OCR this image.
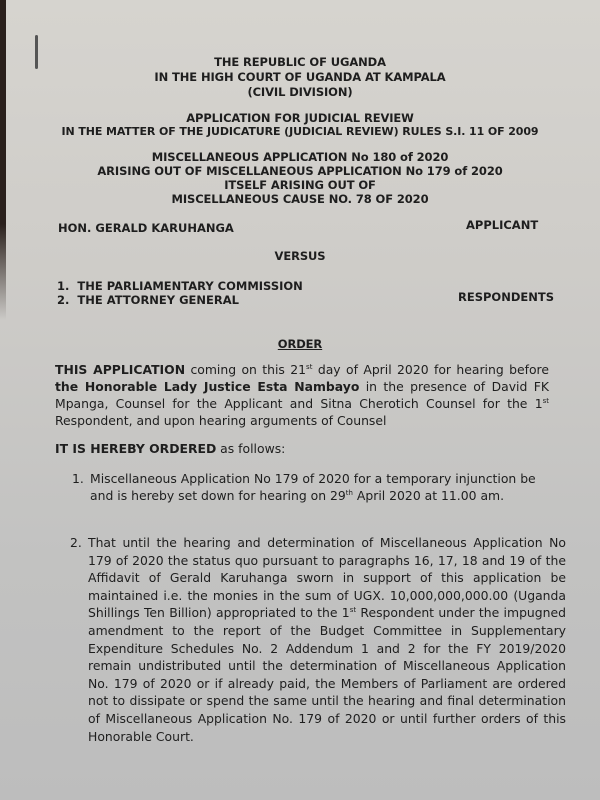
THE REPUBLIC OF UGANDA
IN THE HIGH COURT OF UGANDA AT KAMPALA
(CIVIL DIVISION)
APPLICATION FOR JUDICIAL REVIEW
IN THE MATTER OF THE JUDICATURE (JUDICIAL REVIEW) RULES S.I. 11 OF 2009
MISCELLANEOUS APPLICATION No 180 of 2020
ARISING OUT OF MISCELLANEOUS APPLICATION No 179 of 2020
ITSELF ARISING OUT OF
MISCELLANEOUS CAUSE NO. 78 OF 2020
HON. GERALD KARUHANGA	APPLICANT
VERSUS
1.  THE PARLIAMENTARY COMMISSION
2.  THE ATTORNEY GENERAL	RESPONDENTS
ORDER
THIS APPLICATION coming on this 21st day of April 2020 for hearing before the Honorable Lady Justice Esta Nambayo in the presence of David FK Mpanga, Counsel for the Applicant and Sitna Cherotich Counsel for the 1st Respondent, and upon hearing arguments of Counsel
IT IS HEREBY ORDERED as follows:
1. Miscellaneous Application No 179 of 2020 for a temporary injunction be and is hereby set down for hearing on 29th April 2020 at 11.00 am.
2. That until the hearing and determination of Miscellaneous Application No 179 of 2020 the status quo pursuant to paragraphs 16, 17, 18 and 19 of the Affidavit of Gerald Karuhanga sworn in support of this application be maintained i.e. the monies in the sum of UGX. 10,000,000,000.00 (Uganda Shillings Ten Billion) appropriated to the 1st Respondent under the impugned amendment to the report of the Budget Committee in Supplementary Expenditure Schedules No. 2 Addendum 1 and 2 for the FY 2019/2020 remain undistributed until the determination of Miscellaneous Application No. 179 of 2020 or if already paid, the Members of Parliament are ordered not to dissipate or spend the same until the hearing and final determination of Miscellaneous Application No. 179 of 2020 or until further orders of this Honorable Court.
